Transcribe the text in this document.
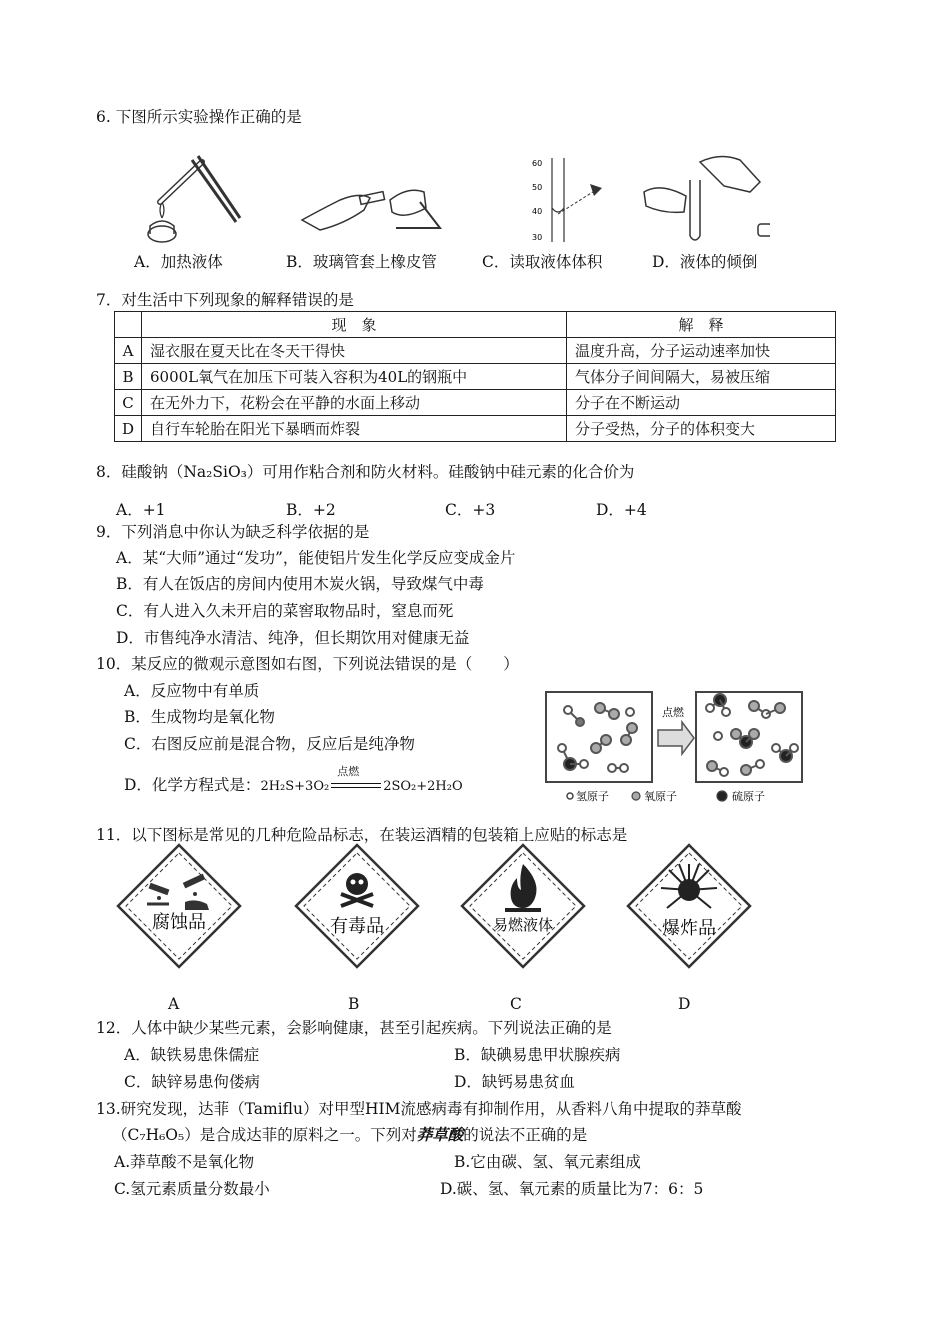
6. 下图所示实验操作正确的是
60
50
40
30
A．加热液体	B．玻璃管套上橡皮管	C．读取液体体积	D．液体的倾倒
7．对生活中下列现象的解释错误的是
	现　象	解　释
A	湿衣服在夏天比在冬天干得快	温度升高，分子运动速率加快
B	6000L氧气在加压下可装入容积为40L的钢瓶中	气体分子间间隔大，易被压缩
C	在无外力下，花粉会在平静的水面上移动	分子在不断运动
D	自行车轮胎在阳光下暴晒而炸裂	分子受热，分子的体积变大
8．硅酸钠（Na₂SiO₃）可用作粘合剂和防火材料。硅酸钠中硅元素的化合价为
A．+1	B．+2	C．+3	D．+4
9．下列消息中你认为缺乏科学依据的是
A．某“大师”通过“发功”，能使铝片发生化学反应变成金片
B．有人在饭店的房间内使用木炭火锅，导致煤气中毒
C．有人进入久未开启的菜窖取物品时，窒息而死
D．市售纯净水清洁、纯净，但长期饮用对健康无益
10．某反应的微观示意图如右图，下列说法错误的是（　　）
A．反应物中有单质
B．生成物均是氧化物
C．右图反应前是混合物，反应后是纯净物
D．化学方程式是：2H₂S+3O₂
点燃
2SO₂+2H₂O
点燃
氢原子	氧原子	硫原子
11．以下图标是常见的几种危险品标志，在装运酒精的包装箱上应贴的标志是
腐蚀品	有毒品	易燃液体	爆炸品
A	B	C	D
12．人体中缺少某些元素，会影响健康，甚至引起疾病。下列说法正确的是
A．缺铁易患侏儒症	B．缺碘易患甲状腺疾病
C．缺锌易患佝偻病	D．缺钙易患贫血
13.研究发现，达菲（Tamiflu）对甲型HIM流感病毒有抑制作用，从香料八角中提取的莽草酸
（C₇H₆O₅）是合成达菲的原料之一。下列对莽草酸的说法不正确的是
A.莽草酸不是氧化物	B.它由碳、氢、氧元素组成
C.氢元素质量分数最小	D.碳、氢、氧元素的质量比为7：6：5
